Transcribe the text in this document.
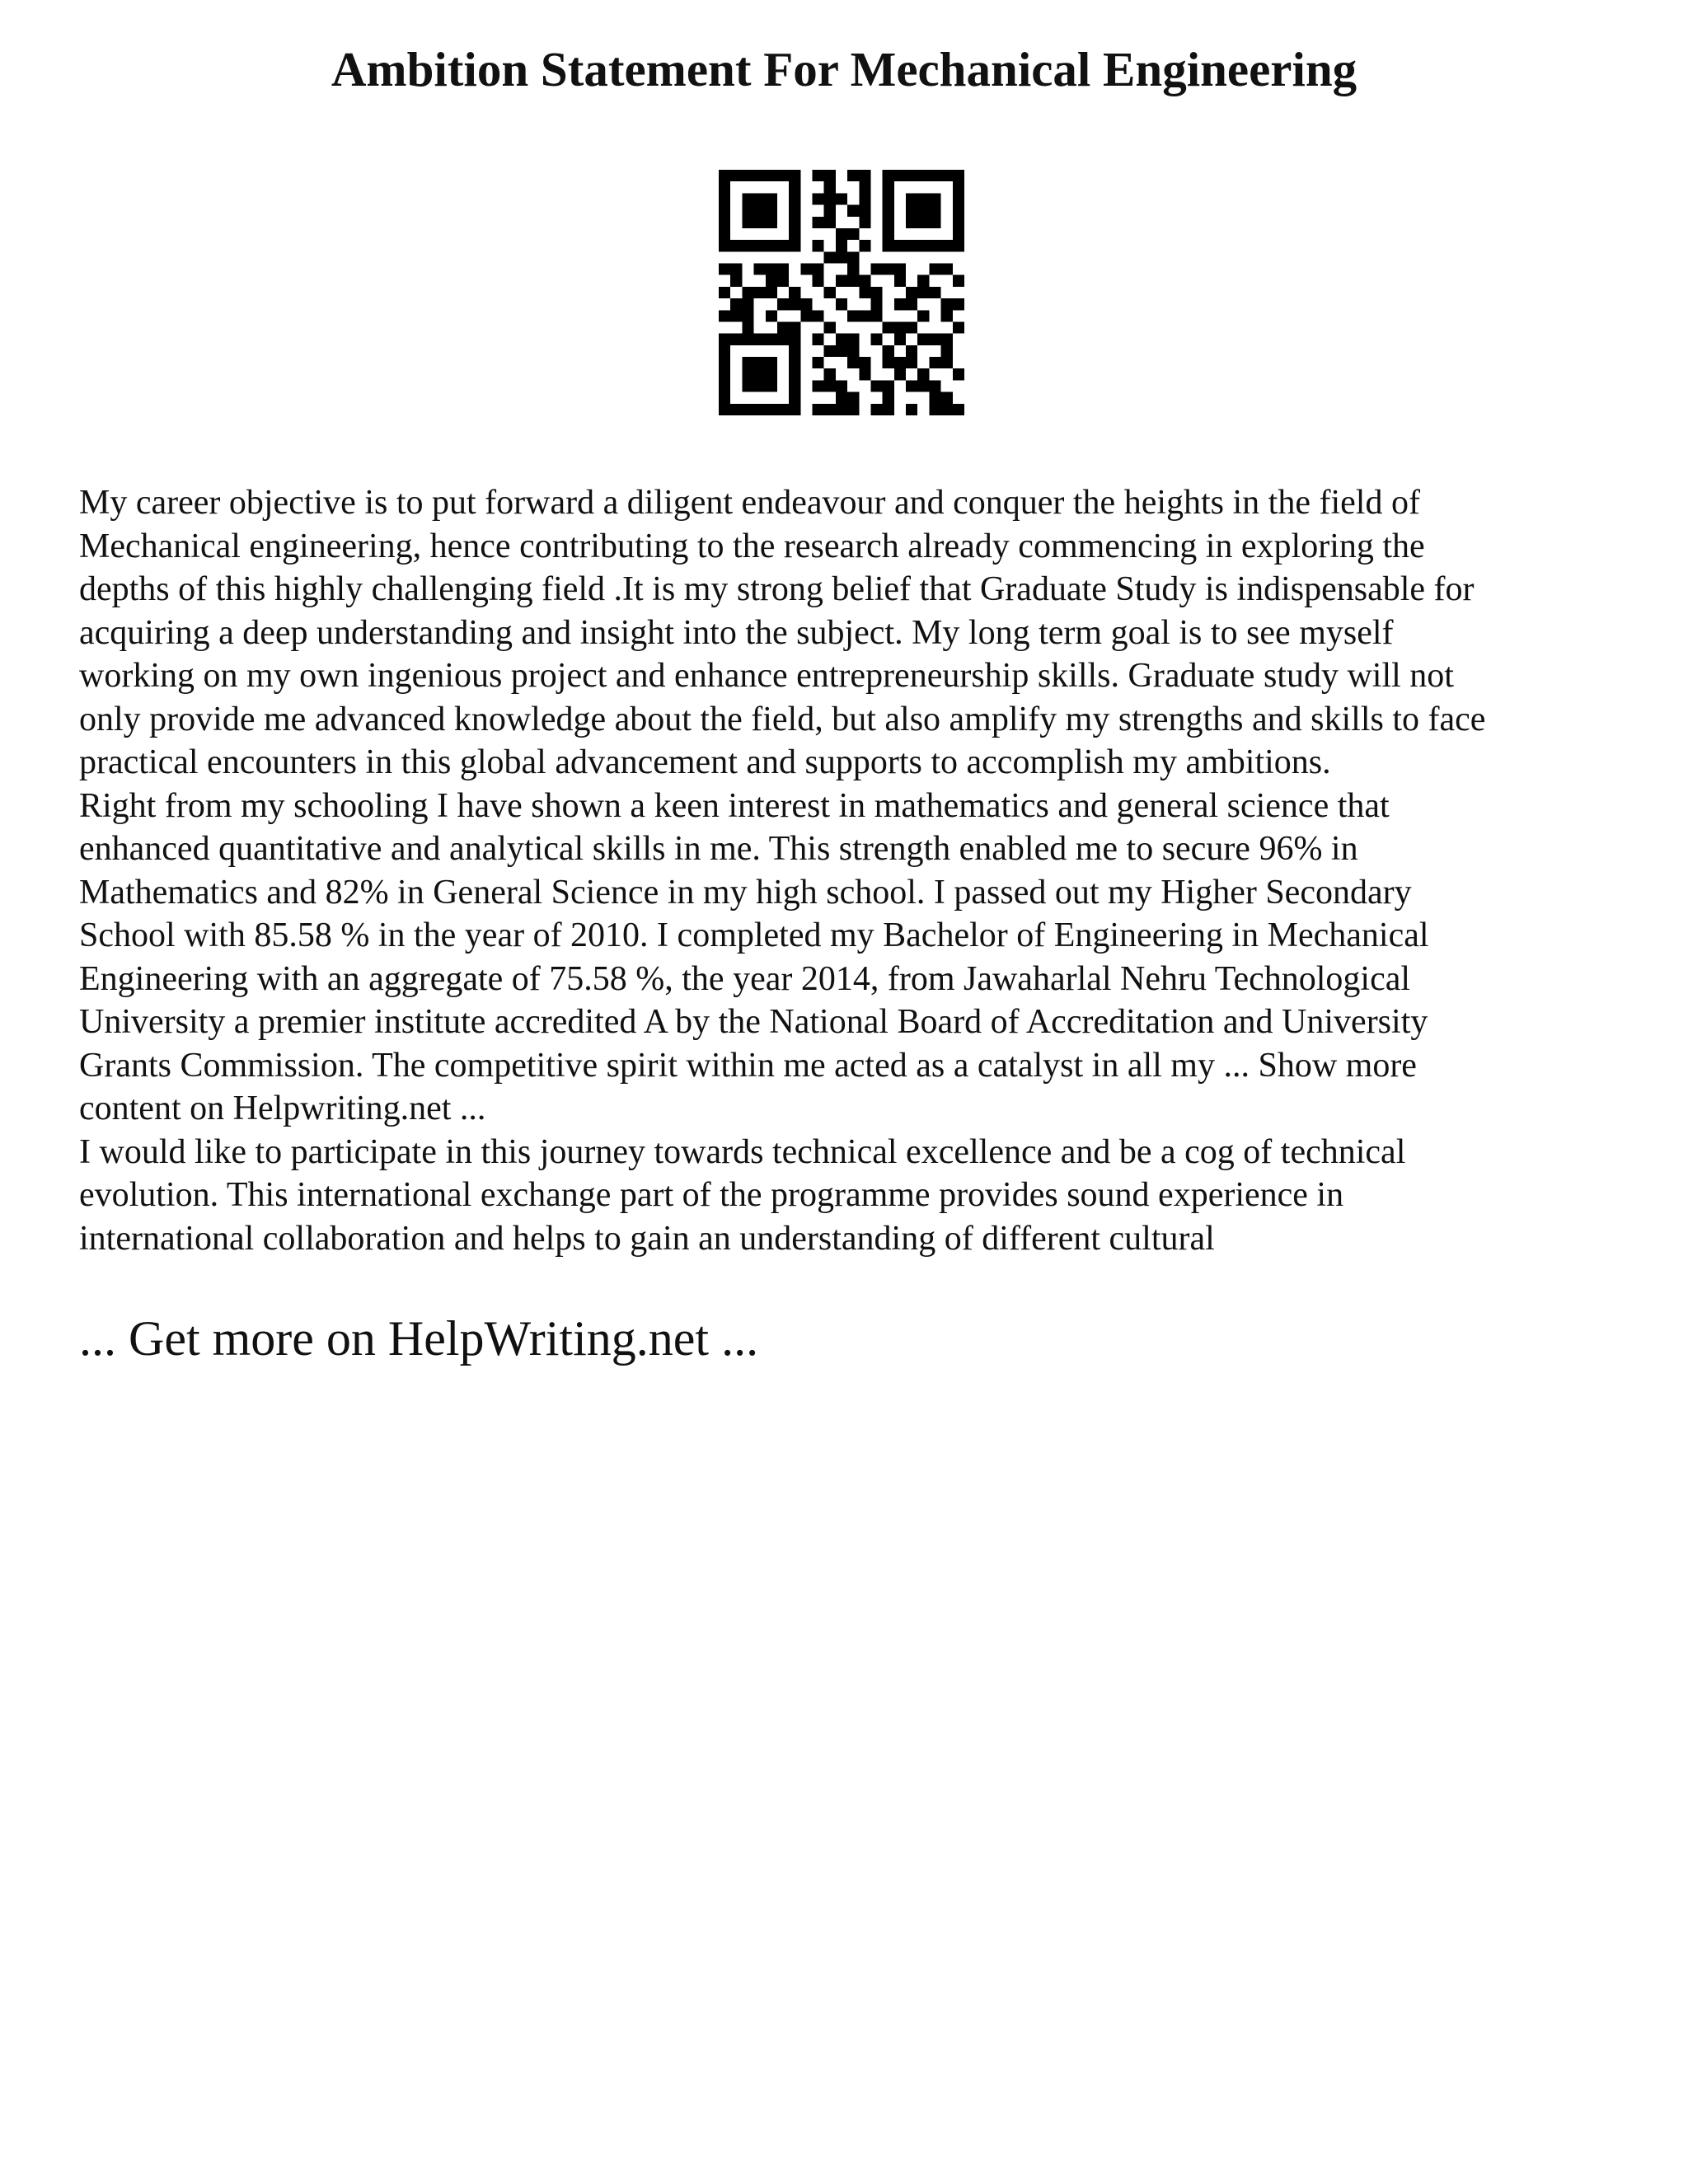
Ambition Statement For Mechanical Engineering

My career objective is to put forward a diligent endeavour and conquer the heights in the field of
Mechanical engineering, hence contributing to the research already commencing in exploring the
depths of this highly challenging field .It is my strong belief that Graduate Study is indispensable for
acquiring a deep understanding and insight into the subject. My long term goal is to see myself
working on my own ingenious project and enhance entrepreneurship skills. Graduate study will not
only provide me advanced knowledge about the field, but also amplify my strengths and skills to face
practical encounters in this global advancement and supports to accomplish my ambitions.

Right from my schooling I have shown a keen interest in mathematics and general science that
enhanced quantitative and analytical skills in me. This strength enabled me to secure 96% in
Mathematics and 82% in General Science in my high school. I passed out my Higher Secondary
School with 85.58 % in the year of 2010. I completed my Bachelor of Engineering in Mechanical
Engineering with an aggregate of 75.58 %, the year 2014, from Jawaharlal Nehru Technological
University a premier institute accredited A by the National Board of Accreditation and University
Grants Commission. The competitive spirit within me acted as a catalyst in all my ... Show more
content on Helpwriting.net ...

I would like to participate in this journey towards technical excellence and be a cog of technical
evolution. This international exchange part of the programme provides sound experience in
international collaboration and helps to gain an understanding of different cultural

... Get more on HelpWriting.net ...
